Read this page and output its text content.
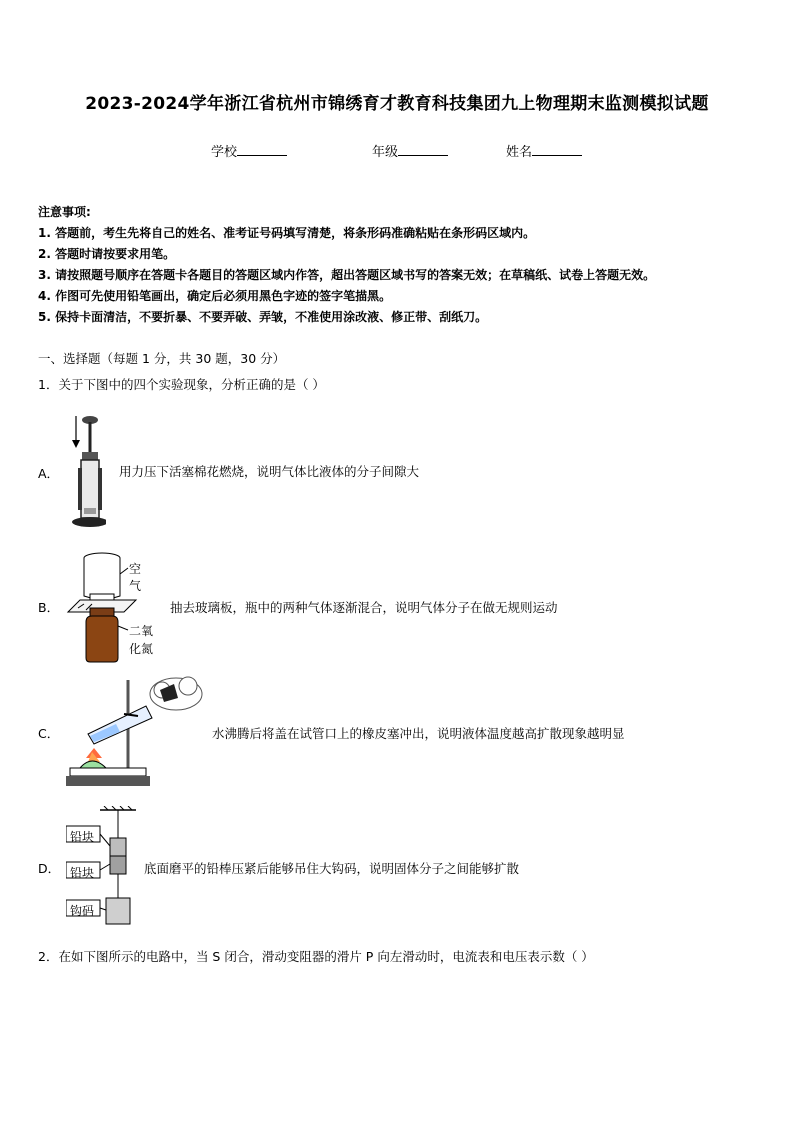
2023-2024学年浙江省杭州市锦绣育才教育科技集团九上物理期末监测模拟试题
学校	年级	姓名
注意事项:
1. 答题前，考生先将自己的姓名、准考证号码填写清楚，将条形码准确粘贴在条形码区域内。
2. 答题时请按要求用笔。
3. 请按照题号顺序在答题卡各题目的答题区域内作答，超出答题区域书写的答案无效；在草稿纸、试卷上答题无效。
4. 作图可先使用铅笔画出，确定后必须用黑色字迹的签字笔描黑。
5. 保持卡面清洁，不要折暴、不要弄破、弄皱，不准使用涂改液、修正带、刮纸刀。
一、选择题（每题 1 分，共 30 题，30 分）
1．关于下图中的四个实验现象，分析正确的是（ ）
A．	用力压下活塞棉花燃烧，说明气体比液体的分子间隙大
B．
空
气
二氧
化氮
抽去玻璃板，瓶中的两种气体逐渐混合，说明气体分子在做无规则运动
C．	水沸腾后将盖在试管口上的橡皮塞冲出，说明液体温度越高扩散现象越明显
D．
铅块
铅块
钩码
底面磨平的铅棒压紧后能够吊住大钩码，说明固体分子之间能够扩散
2．在如下图所示的电路中，当 S 闭合，滑动变阻器的滑片 P 向左滑动时，电流表和电压表示数（ ）
